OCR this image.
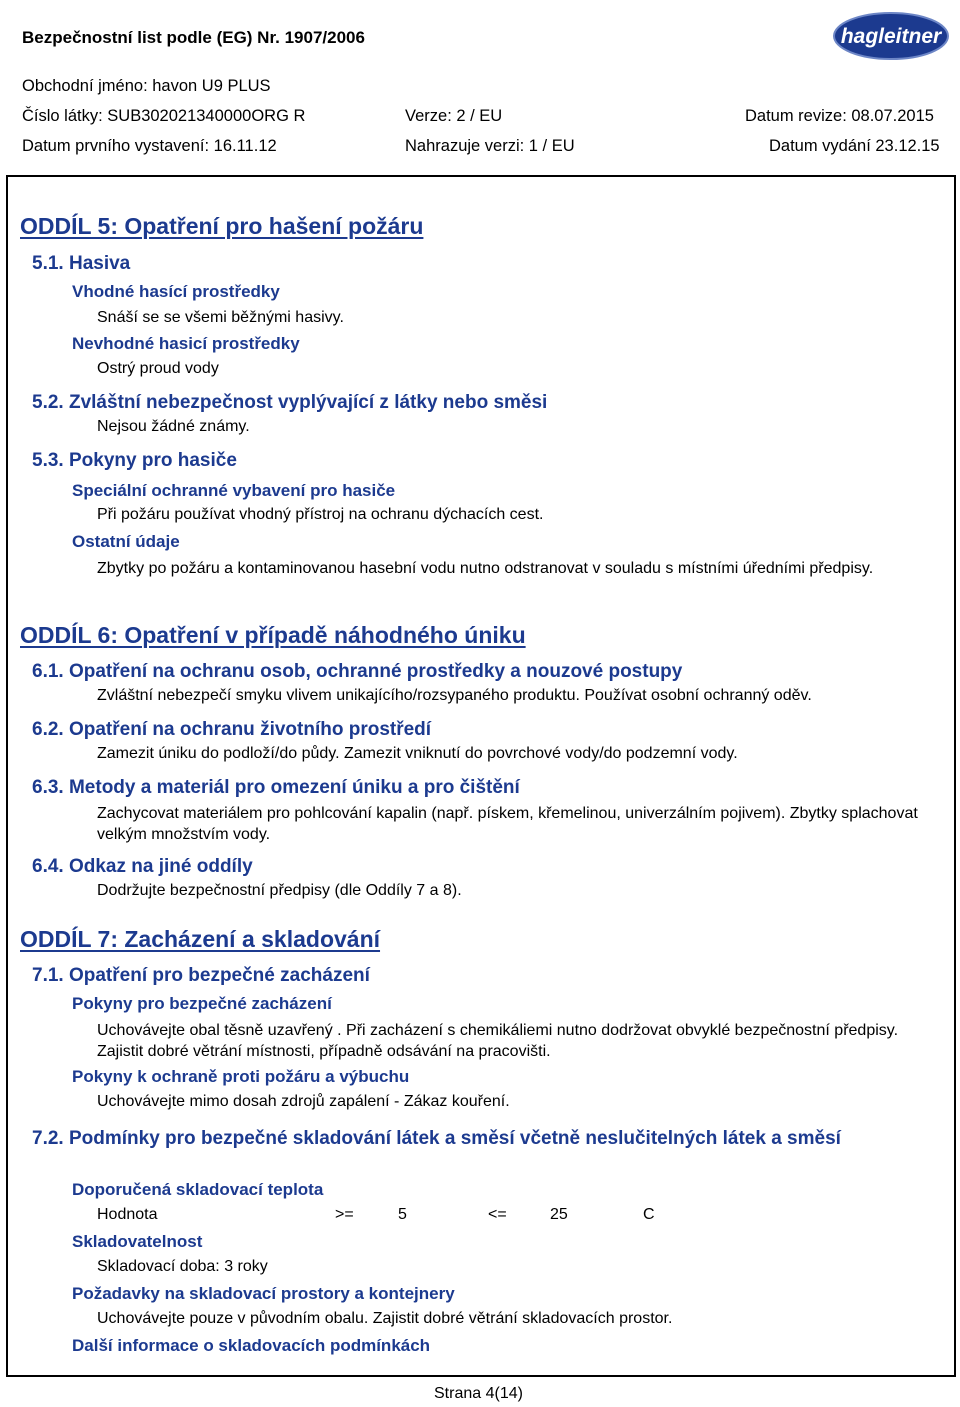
Bezpečnostní list podle (EG) Nr. 1907/2006	hagleitner
Obchodní jméno: havon U9 PLUS
Číslo látky: SUB302021340000ORG R	Verze: 2 / EU	Datum revize: 08.07.2015
Datum prvního vystavení: 16.11.12	Nahrazuje verzi: 1 / EU	Datum vydání 23.12.15
ODDÍL 5: Opatření pro hašení požáru
5.1. Hasiva
Vhodné hasící prostředky
Snáší se se všemi běžnými hasivy.
Nevhodné hasicí prostředky
Ostrý proud vody
5.2. Zvláštní nebezpečnost vyplývající z látky nebo směsi
Nejsou žádné známy.
5.3. Pokyny pro hasiče
Speciální ochranné vybavení pro hasiče
Při požáru používat vhodný přístroj na ochranu dýchacích cest.
Ostatní údaje
Zbytky po požáru a kontaminovanou hasební vodu nutno odstranovat v souladu s místními úředními předpisy.
ODDÍL 6: Opatření v případě náhodného úniku
6.1. Opatření na ochranu osob, ochranné prostředky a nouzové postupy
Zvláštní nebezpečí smyku vlivem unikajícího/rozsypaného produktu. Používat osobní ochranný oděv.
6.2. Opatření na ochranu životního prostředí
Zamezit úniku do podloží/do půdy. Zamezit vniknutí do povrchové vody/do podzemní vody.
6.3. Metody a materiál pro omezení úniku a pro čištění
Zachycovat materiálem pro pohlcování kapalin (např. pískem, křemelinou, univerzálním pojivem). Zbytky splachovat velkým množstvím vody.
6.4. Odkaz na jiné oddíly
Dodržujte bezpečnostní předpisy (dle Oddíly 7 a 8).
ODDÍL 7: Zacházení a skladování
7.1. Opatření pro bezpečné zacházení
Pokyny pro bezpečné zacházení
Uchovávejte obal těsně uzavřený . Při zacházení s chemikáliemi nutno dodržovat obvyklé bezpečnostní předpisy. Zajistit dobré větrání místnosti, případně odsávání na pracovišti.
Pokyny k ochraně proti požáru a výbuchu
Uchovávejte mimo dosah zdrojů zapálení - Zákaz kouření.
7.2. Podmínky pro bezpečné skladování látek a směsí včetně neslučitelných látek a směsí
Doporučená skladovací teplota
Hodnota	>=	5	<=	25	C
Skladovatelnost
Skladovací doba: 3 roky
Požadavky na skladovací prostory a kontejnery
Uchovávejte pouze v původním obalu. Zajistit dobré větrání skladovacích prostor.
Další informace o skladovacích podmínkách
Strana 4(14)
